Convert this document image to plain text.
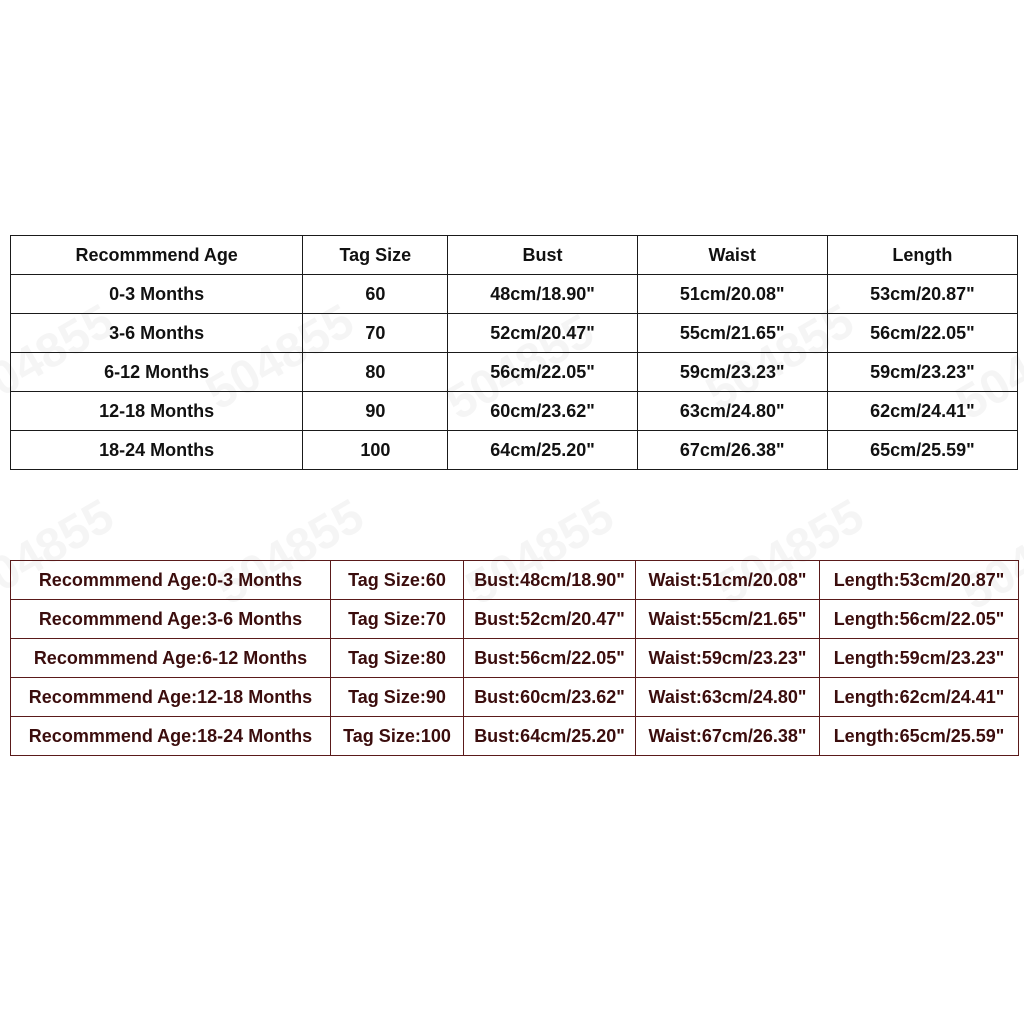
Recommmend Age	Tag Size	Bust	Waist	Length
0-3 Months	60	48cm/18.90"	51cm/20.08"	53cm/20.87"
3-6 Months	70	52cm/20.47"	55cm/21.65"	56cm/22.05"
6-12 Months	80	56cm/22.05"	59cm/23.23"	59cm/23.23"
12-18 Months	90	60cm/23.62"	63cm/24.80"	62cm/24.41"
18-24 Months	100	64cm/25.20"	67cm/26.38"	65cm/25.59"
Recommmend Age:0-3 Months	Tag Size:60	Bust:48cm/18.90"	Waist:51cm/20.08"	Length:53cm/20.87"
Recommmend Age:3-6 Months	Tag Size:70	Bust:52cm/20.47"	Waist:55cm/21.65"	Length:56cm/22.05"
Recommmend Age:6-12 Months	Tag Size:80	Bust:56cm/22.05"	Waist:59cm/23.23"	Length:59cm/23.23"
Recommmend Age:12-18 Months	Tag Size:90	Bust:60cm/23.62"	Waist:63cm/24.80"	Length:62cm/24.41"
Recommmend Age:18-24 Months	Tag Size:100	Bust:64cm/25.20"	Waist:67cm/26.38"	Length:65cm/25.59"
